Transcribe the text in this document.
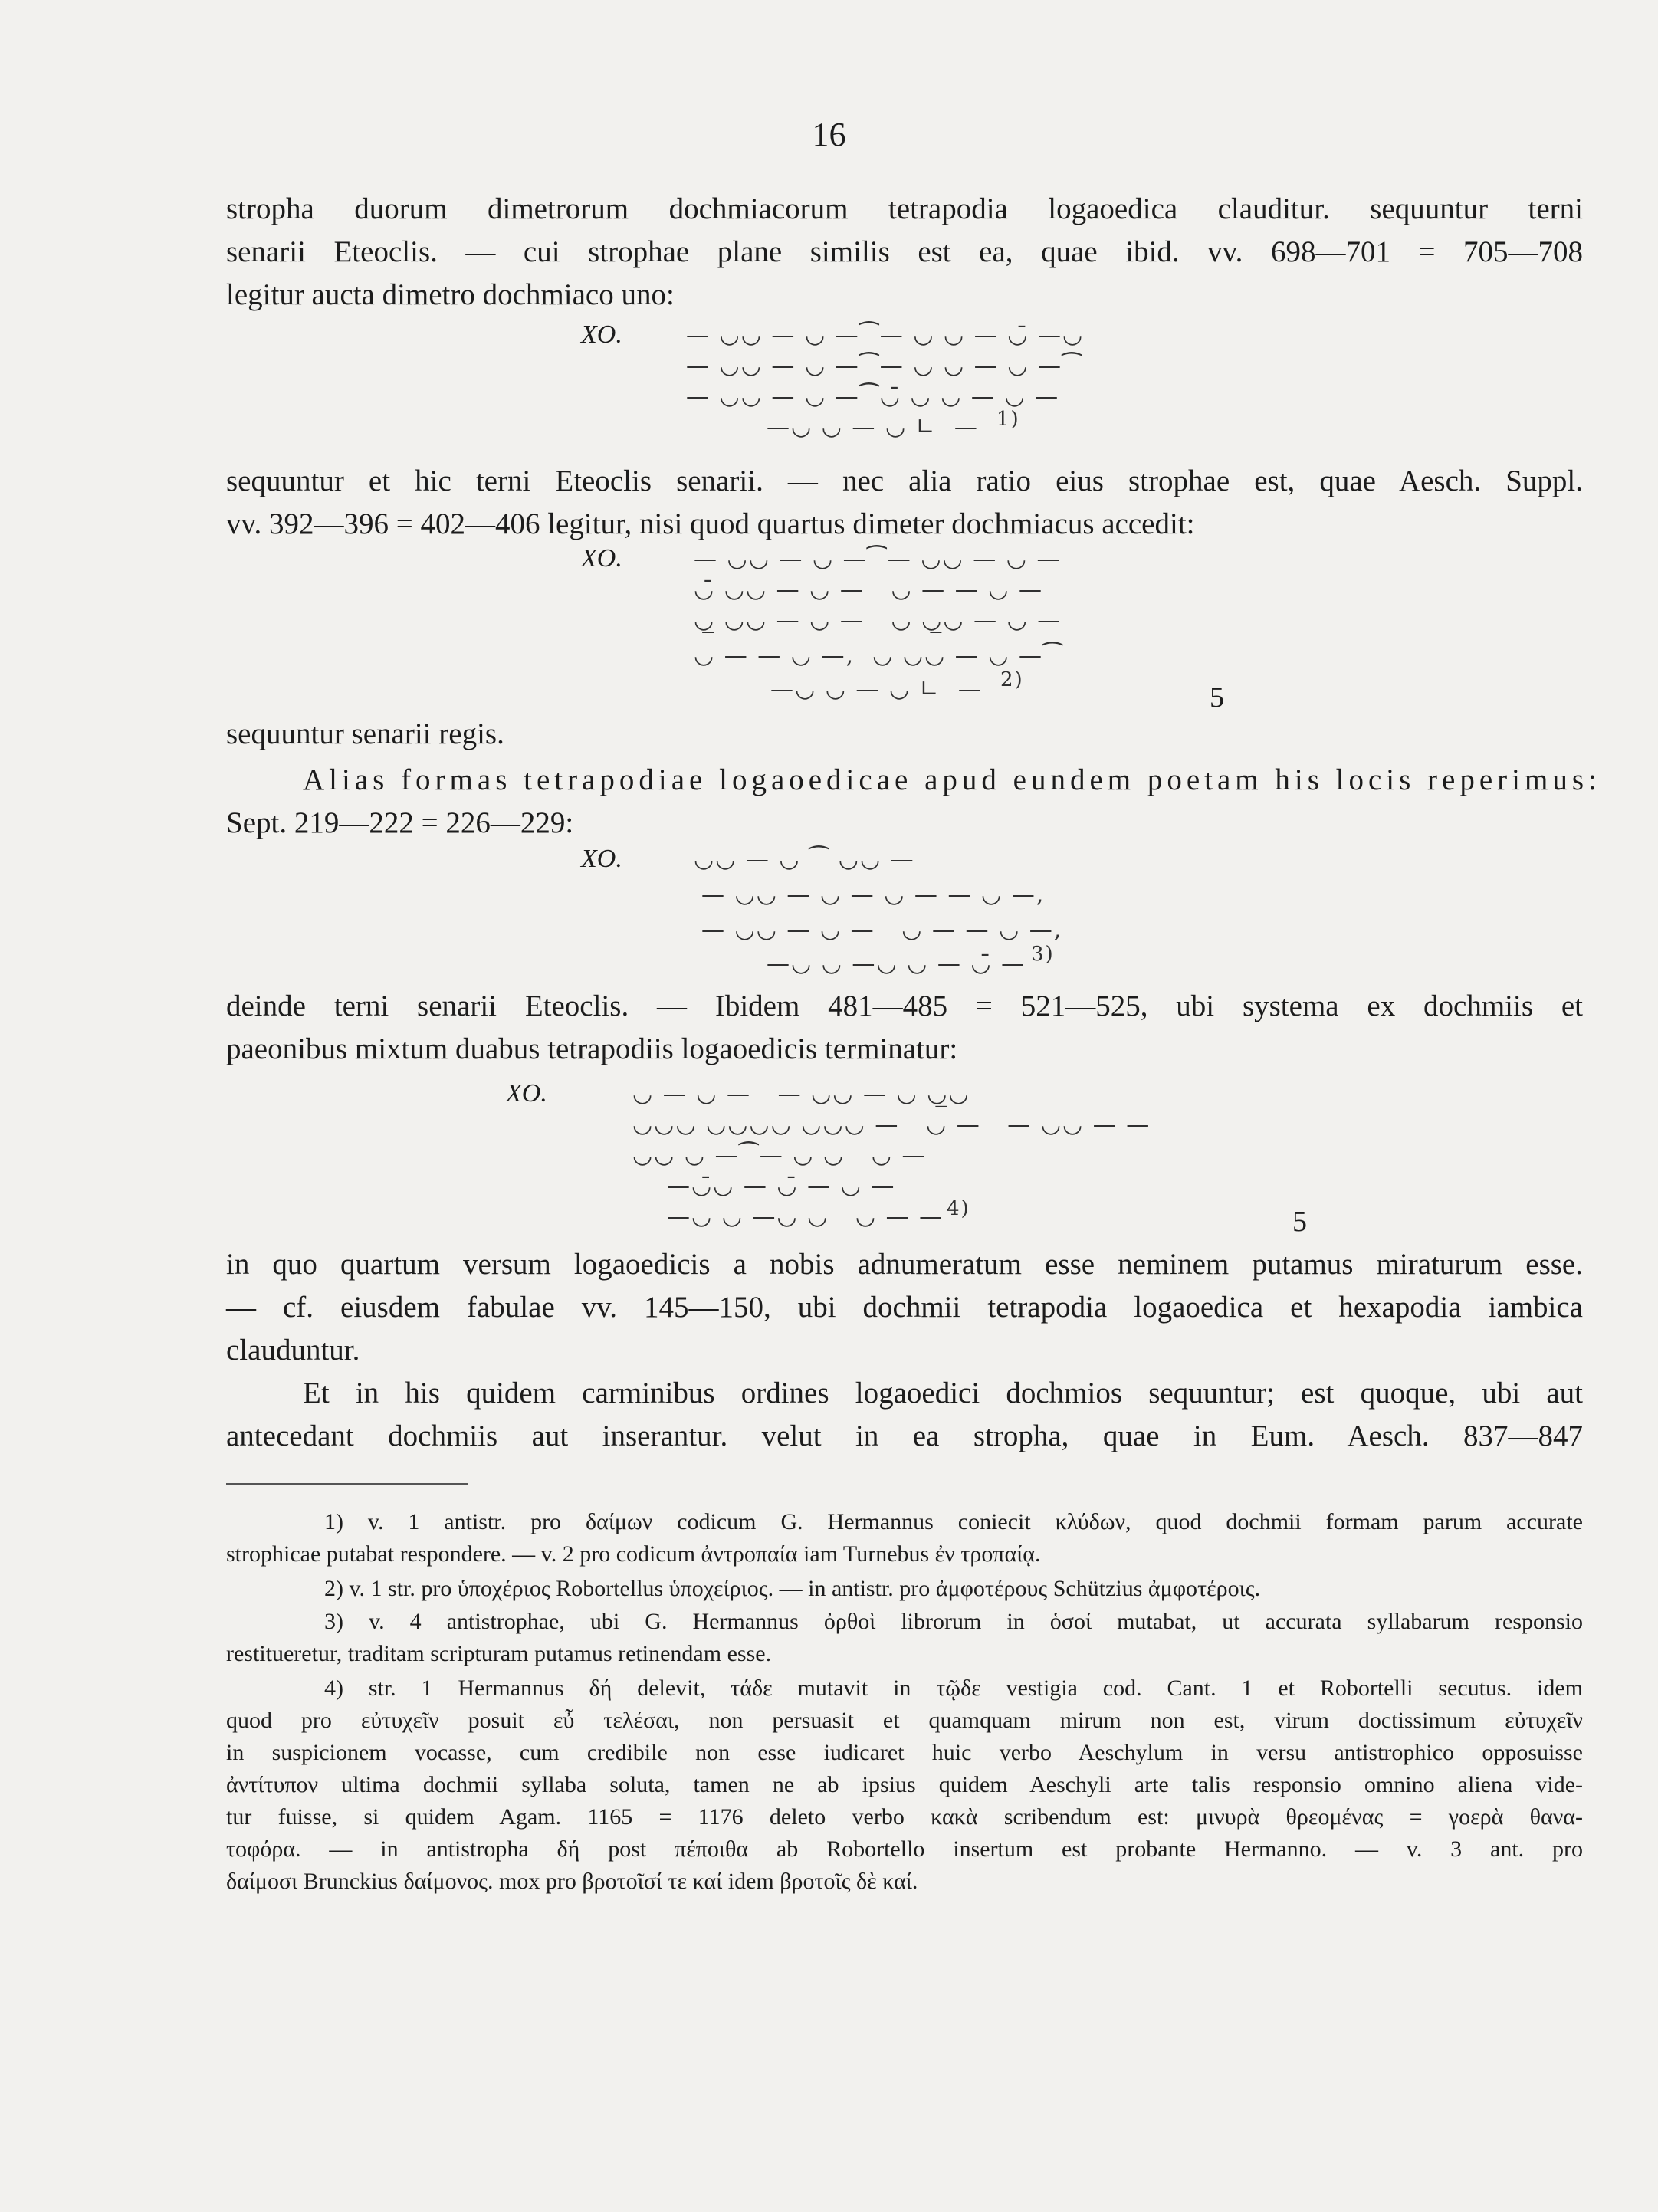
16
stropha duorum dimetrorum dochmiacorum tetrapodia logaoedica clauditur. sequuntur terni
senarii Eteoclis. — cui strophae plane similis est ea, quae ibid. vv. 698—701 = 705—708
legitur aucta dimetro dochmiaco uno:
XO.	— ◡◡ — ◡ —⁀— ◡ ◡ — ◡̄ —◡
— ◡◡ — ◡ —⁀— ◡ ◡ — ◡ —⁀
— ◡◡ — ◡ —⁀◡̄ ◡ ◡ — ◡ —
—◡ ◡ — ◡ ∟  — 1)
sequuntur et hic terni Eteoclis senarii. — nec alia ratio eius strophae est, quae Aesch. Suppl.
vv. 392—396 = 402—406 legitur, nisi quod quartus dimeter dochmiacus accedit:
XO.	— ◡◡ — ◡ —⁀— ◡◡ — ◡ —
◡̄ ◡◡ — ◡ —   ◡ — — ◡ —
◡̲ ◡◡ — ◡ —   ◡ ◡̲◡ — ◡ —
◡ — — ◡ —,  ◡ ◡◡ — ◡ —⁀
—◡ ◡ — ◡ ∟  — 2)
5
sequuntur senarii regis.
Alias formas tetrapodiae logaoedicae apud eundem poetam his locis reperimus:
Sept. 219—222 = 226—229:
XO.	◡◡ — ◡ ⁀ ◡◡ —
— ◡◡ — ◡ — ◡ — — ◡ —,
— ◡◡ — ◡ —   ◡ — — ◡ —,
—◡ ◡ —◡ ◡ — ◡̄ — 3)
deinde terni senarii Eteoclis. — Ibidem 481—485 = 521—525, ubi systema ex dochmiis et
paeonibus mixtum duabus tetrapodiis logaoedicis terminatur:
XO.	◡ — ◡ —   — ◡◡ — ◡ ◡̲◡
◡◡◡ ◡◡◡◡ ◡◡◡ —   ◡ —   — ◡◡ — —
◡◡ ◡ —⁀— ◡ ◡   ◡ —
—◡̄◡ — ◡̄ — ◡ —
—◡ ◡ —◡ ◡   ◡ — — 4)	5
in quo quartum versum logaoedicis a nobis adnumeratum esse neminem putamus miraturum esse.
— cf. eiusdem fabulae vv. 145—150, ubi dochmii tetrapodia logaoedica et hexapodia iambica
clauduntur.
Et in his quidem carminibus ordines logaoedici dochmios sequuntur; est quoque, ubi aut
antecedant dochmiis aut inserantur. velut in ea stropha, quae in Eum. Aesch. 837—847
1) v. 1 antistr. pro δαίμων codicum G. Hermannus coniecit κλύδων, quod dochmii formam parum accurate
strophicae putabat respondere. — v. 2 pro codicum ἀντροπαία iam Turnebus ἐν τροπαίᾳ.
2) v. 1 str. pro ὑποχέριος Robortellus ὑποχείριος. — in antistr. pro ἀμφοτέρους Schützius ἀμφοτέροις.
3) v. 4 antistrophae, ubi G. Hermannus ὀρθοὶ librorum in ὁσοί mutabat, ut accurata syllabarum responsio
restitueretur, traditam scripturam putamus retinendam esse.
4) str. 1 Hermannus δή delevit, τάδε mutavit in τῷδε vestigia cod. Cant. 1 et Robortelli secutus. idem
quod pro εὐτυχεῖν posuit εὖ τελέσαι, non persuasit et quamquam mirum non est, virum doctissimum εὐτυχεῖν
in suspicionem vocasse, cum credibile non esse iudicaret huic verbo Aeschylum in versu antistrophico opposuisse
ἀντίτυπον ultima dochmii syllaba soluta, tamen ne ab ipsius quidem Aeschyli arte talis responsio omnino aliena vide-
tur fuisse, si quidem Agam. 1165 = 1176 deleto verbo κακὰ scribendum est: μινυρὰ θρεομένας = γοερὰ θανα-
τοφόρα. — in antistropha δή post πέποιθα ab Robortello insertum est probante Hermanno. — v. 3 ant. pro
δαίμοσι Brunckius δαίμονος. mox pro βροτοῖσί τε καί idem βροτοῖς δὲ καί.
